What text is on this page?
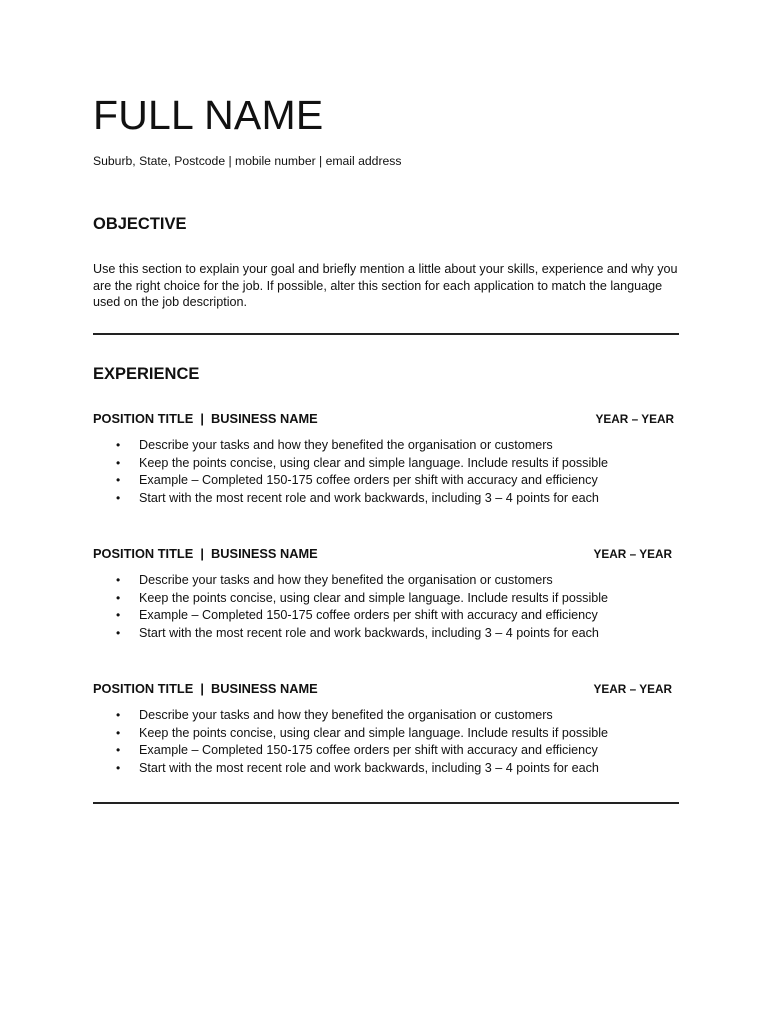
FULL NAME
Suburb, State, Postcode | mobile number | email address
OBJECTIVE
Use this section to explain your goal and briefly mention a little about your skills, experience and why you are the right choice for the job. If possible, alter this section for each application to match the language used on the job description.
EXPERIENCE
POSITION TITLE  |  BUSINESS NAME	YEAR – YEAR
• Describe your tasks and how they benefited the organisation or customers
• Keep the points concise, using clear and simple language. Include results if possible
• Example – Completed 150-175 coffee orders per shift with accuracy and efficiency
• Start with the most recent role and work backwards, including 3 – 4 points for each
POSITION TITLE  |  BUSINESS NAME	YEAR – YEAR
• Describe your tasks and how they benefited the organisation or customers
• Keep the points concise, using clear and simple language. Include results if possible
• Example – Completed 150-175 coffee orders per shift with accuracy and efficiency
• Start with the most recent role and work backwards, including 3 – 4 points for each
POSITION TITLE  |  BUSINESS NAME	YEAR – YEAR
• Describe your tasks and how they benefited the organisation or customers
• Keep the points concise, using clear and simple language. Include results if possible
• Example – Completed 150-175 coffee orders per shift with accuracy and efficiency
• Start with the most recent role and work backwards, including 3 – 4 points for each
